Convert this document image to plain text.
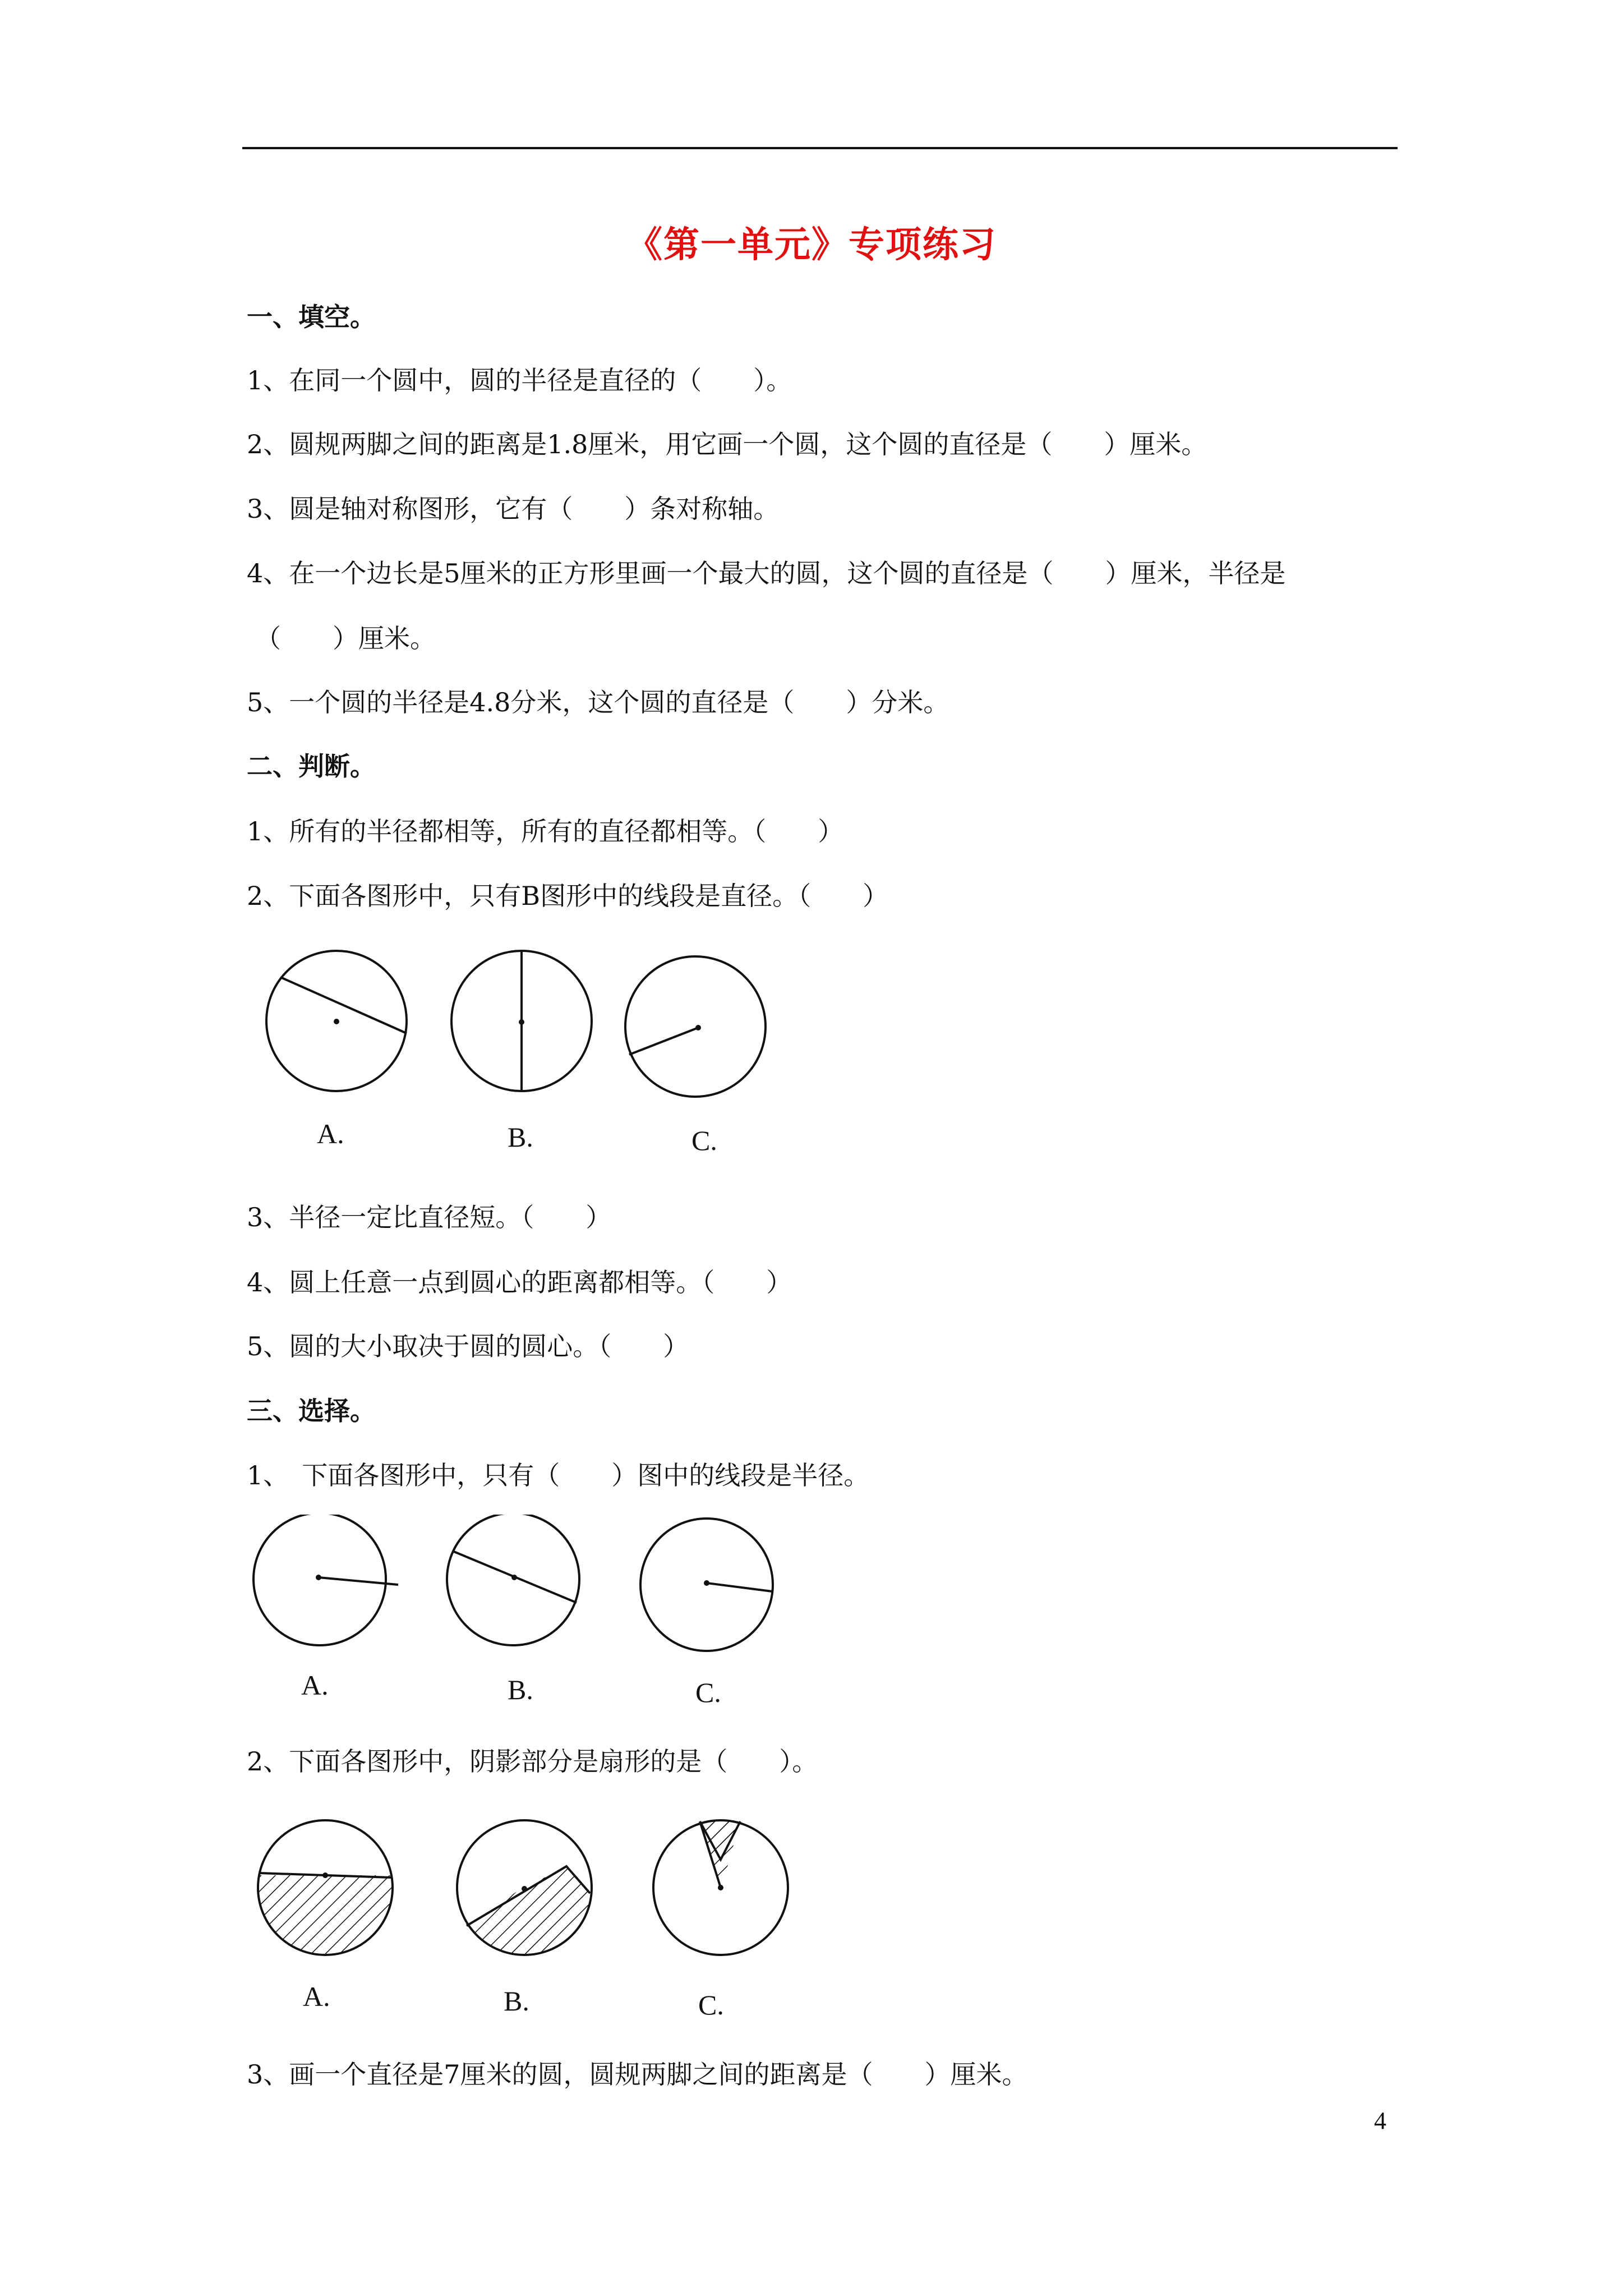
《第一单元》专项练习
一、填空。
1、在同一个圆中，圆的半径是直径的（　　）。
2、圆规两脚之间的距离是1.8厘米，用它画一个圆，这个圆的直径是（　　）厘米。
3、圆是轴对称图形，它有（　　）条对称轴。
4、在一个边长是5厘米的正方形里画一个最大的圆，这个圆的直径是（　　）厘米，半径是
（　　）厘米。
5、一个圆的半径是4.8分米，这个圆的直径是（　　）分米。
二、判断。
1、所有的半径都相等，所有的直径都相等。（　　）
2、下面各图形中，只有B图形中的线段是直径。（　　）
A.	B.	C.
3、半径一定比直径短。（　　）
4、圆上任意一点到圆心的距离都相等。（　　）
5、圆的大小取决于圆的圆心。（　　）
三、选择。
1、　下面各图形中，只有（　　）图中的线段是半径。
A.	B.	C.
2、下面各图形中，阴影部分是扇形的是（　　）。
A.	B.	C.
3、画一个直径是7厘米的圆，圆规两脚之间的距离是（　　）厘米。
4
